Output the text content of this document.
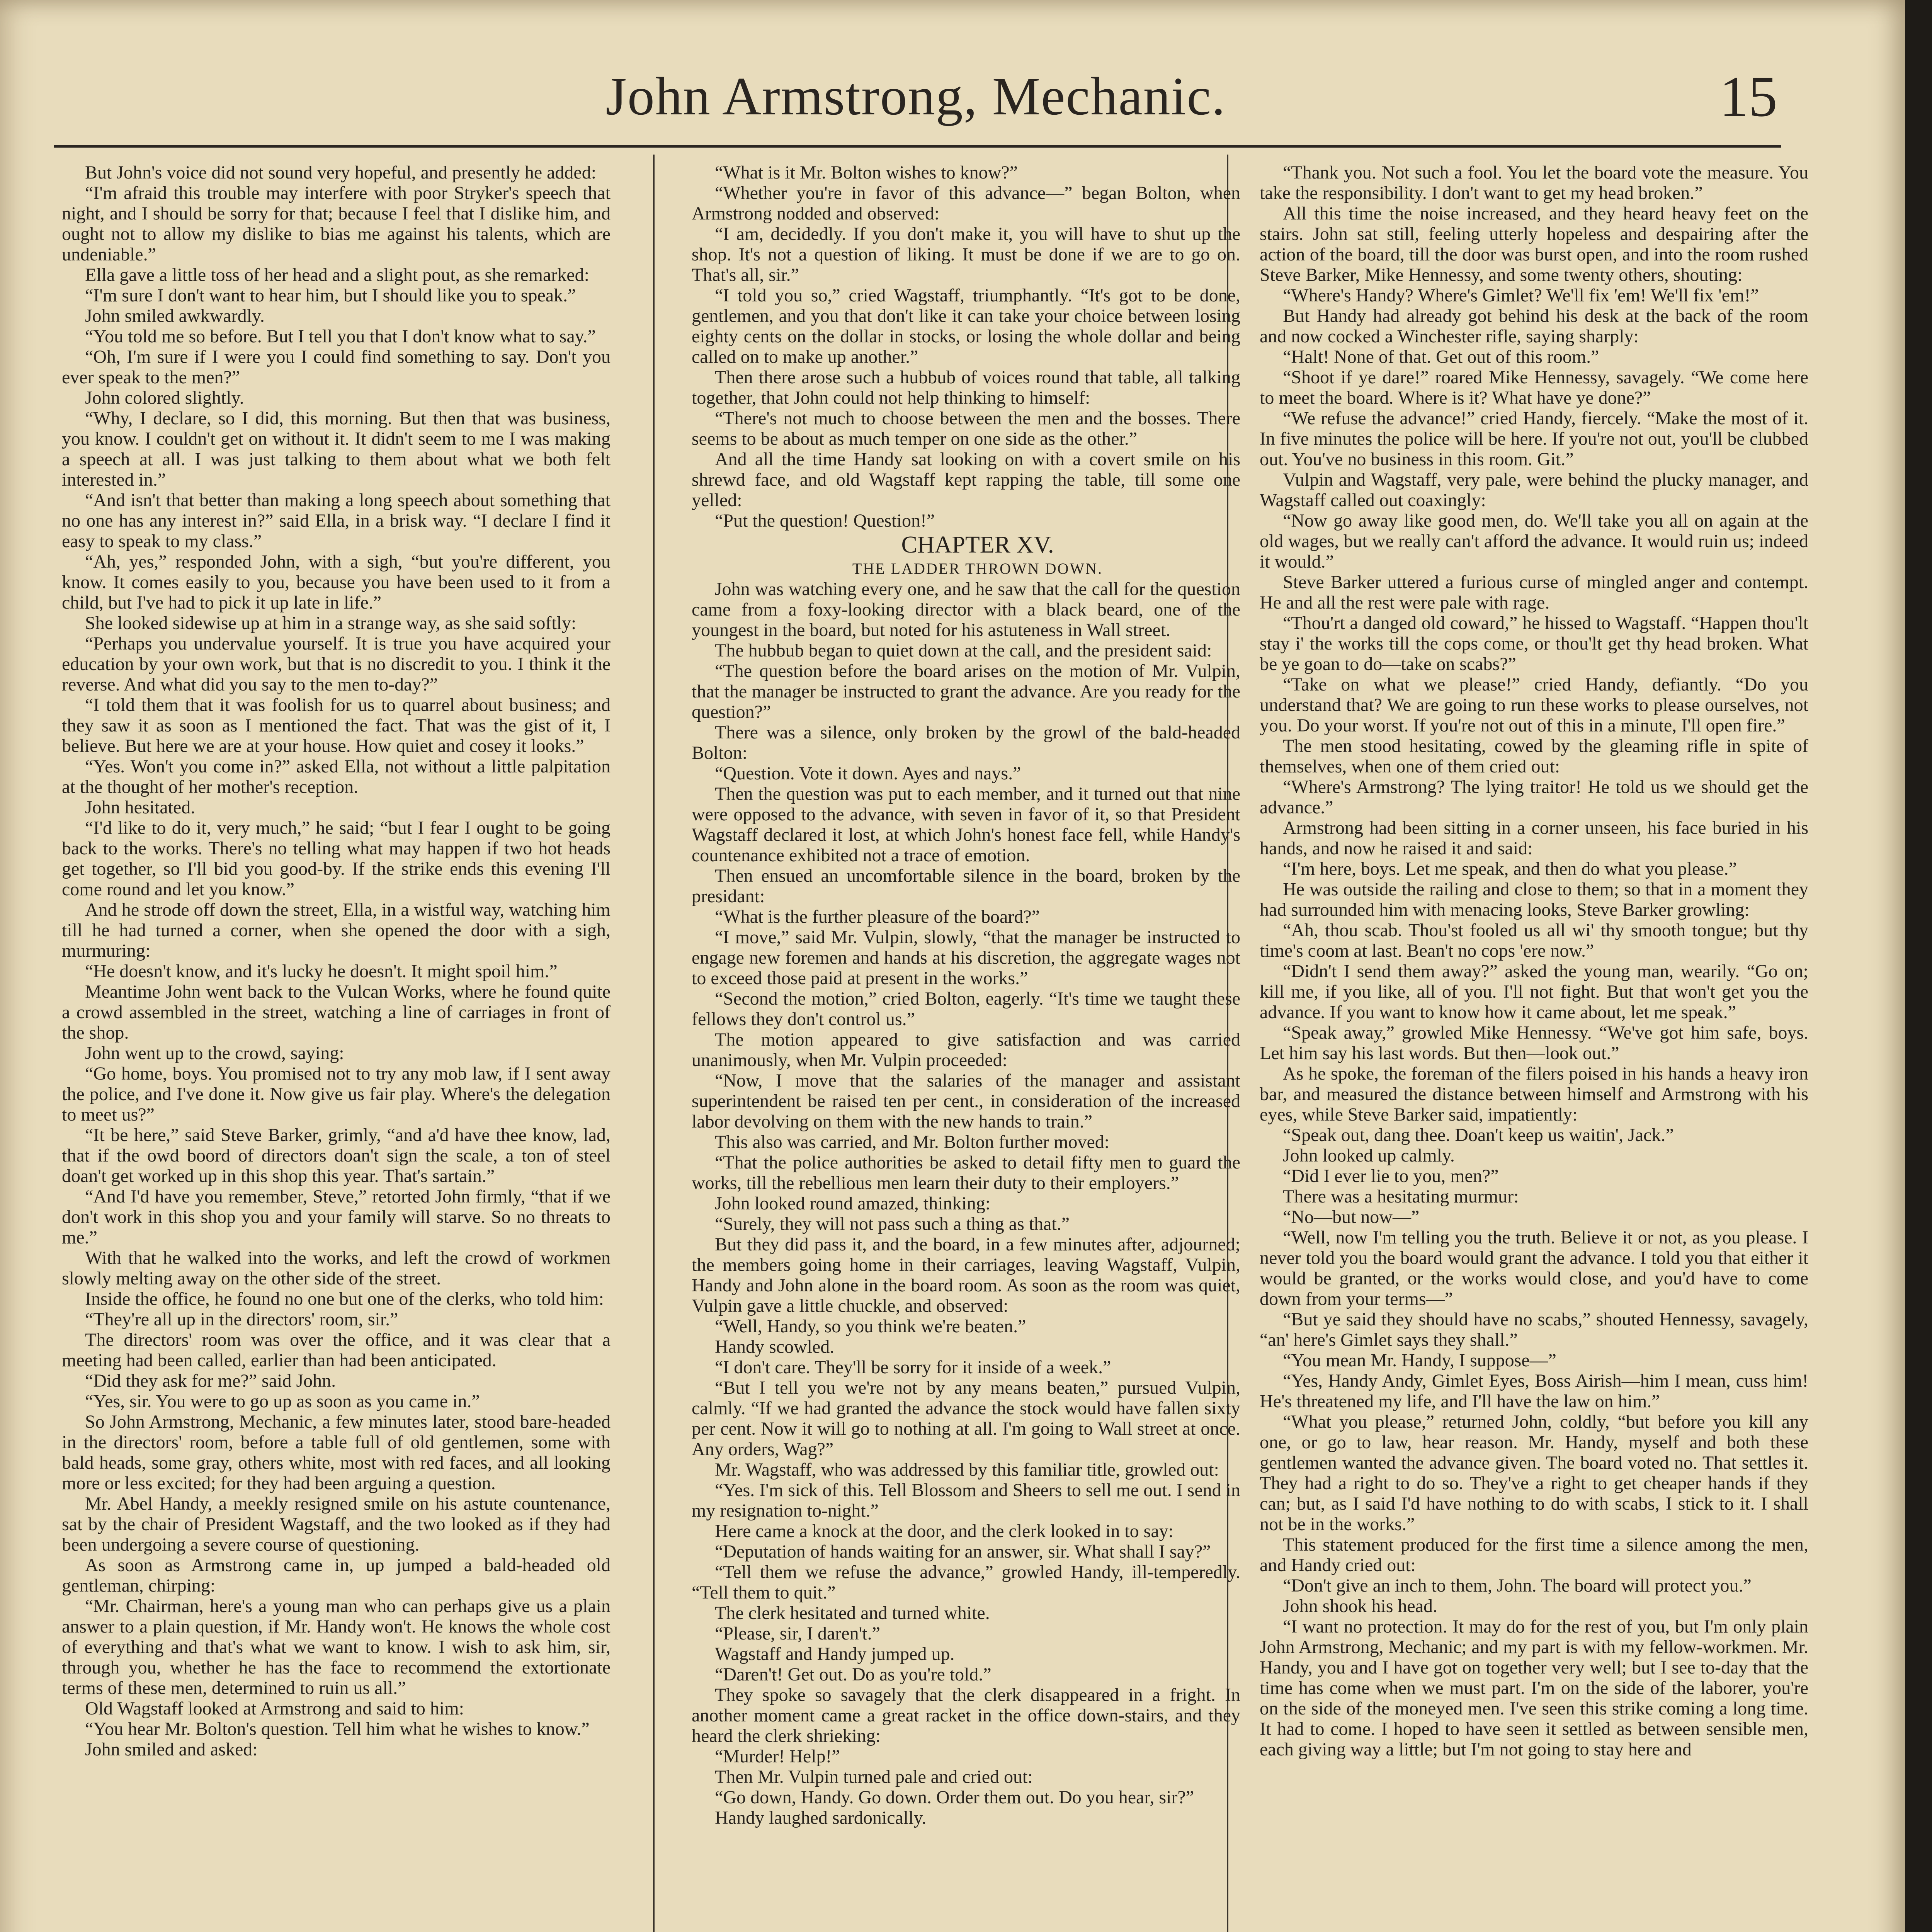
John Armstrong, Mechanic.	15

But John's voice did not sound very hopeful, and presently he added:

“I'm afraid this trouble may interfere with poor Stryker's speech that night, and I should be sorry for that; because I feel that I dislike him, and ought not to allow my dislike to bias me against his talents, which are undeniable.”

Ella gave a little toss of her head and a slight pout, as she remarked:

“I'm sure I don't want to hear him, but I should like you to speak.”

John smiled awkwardly.

“You told me so before. But I tell you that I don't know what to say.”

“Oh, I'm sure if I were you I could find something to say. Don't you ever speak to the men?”

John colored slightly.

“Why, I declare, so I did, this morning. But then that was business, you know. I couldn't get on without it. It didn't seem to me I was making a speech at all. I was just talking to them about what we both felt interested in.”

“And isn't that better than making a long speech about something that no one has any interest in?” said Ella, in a brisk way. “I declare I find it easy to speak to my class.”

“Ah, yes,” responded John, with a sigh, “but you're different, you know. It comes easily to you, because you have been used to it from a child, but I've had to pick it up late in life.”

She looked sidewise up at him in a strange way, as she said softly:

“Perhaps you undervalue yourself. It is true you have acquired your education by your own work, but that is no discredit to you. I think it the reverse. And what did you say to the men to-day?”

“I told them that it was foolish for us to quarrel about business; and they saw it as soon as I mentioned the fact. That was the gist of it, I believe. But here we are at your house. How quiet and cosey it looks.”

“Yes. Won't you come in?” asked Ella, not without a little palpitation at the thought of her mother's reception.

John hesitated.

“I'd like to do it, very much,” he said; “but I fear I ought to be going back to the works. There's no telling what may happen if two hot heads get together, so I'll bid you good-by. If the strike ends this evening I'll come round and let you know.”

And he strode off down the street, Ella, in a wistful way, watching him till he had turned a corner, when she opened the door with a sigh, murmuring:

“He doesn't know, and it's lucky he doesn't. It might spoil him.”

Meantime John went back to the Vulcan Works, where he found quite a crowd assembled in the street, watching a line of carriages in front of the shop.

John went up to the crowd, saying:

“Go home, boys. You promised not to try any mob law, if I sent away the police, and I've done it. Now give us fair play. Where's the delegation to meet us?”

“It be here,” said Steve Barker, grimly, “and a'd have thee know, lad, that if the owd boord of directors doan't sign the scale, a ton of steel doan't get worked up in this shop this year. That's sartain.”

“And I'd have you remember, Steve,” retorted John firmly, “that if we don't work in this shop you and your family will starve. So no threats to me.”

With that he walked into the works, and left the crowd of workmen slowly melting away on the other side of the street.

Inside the office, he found no one but one of the clerks, who told him:

“They're all up in the directors' room, sir.”

The directors' room was over the office, and it was clear that a meeting had been called, earlier than had been anticipated.

“Did they ask for me?” said John.

“Yes, sir. You were to go up as soon as you came in.”

So John Armstrong, Mechanic, a few minutes later, stood bare-headed in the directors' room, before a table full of old gentlemen, some with bald heads, some gray, others white, most with red faces, and all looking more or less excited; for they had been arguing a question.

Mr. Abel Handy, a meekly resigned smile on his astute countenance, sat by the chair of President Wagstaff, and the two looked as if they had been undergoing a severe course of questioning.

As soon as Armstrong came in, up jumped a bald-headed old gentleman, chirping:

“Mr. Chairman, here's a young man who can perhaps give us a plain answer to a plain question, if Mr. Handy won't. He knows the whole cost of everything and that's what we want to know. I wish to ask him, sir, through you, whether he has the face to recommend the extortionate terms of these men, determined to ruin us all.”

Old Wagstaff looked at Armstrong and said to him:

“You hear Mr. Bolton's question. Tell him what he wishes to know.”

John smiled and asked:

“What is it Mr. Bolton wishes to know?”

“Whether you're in favor of this advance—” began Bolton, when Armstrong nodded and observed:

“I am, decidedly. If you don't make it, you will have to shut up the shop. It's not a question of liking. It must be done if we are to go on. That's all, sir.”

“I told you so,” cried Wagstaff, triumphantly. “It's got to be done, gentlemen, and you that don't like it can take your choice between losing eighty cents on the dollar in stocks, or losing the whole dollar and being called on to make up another.”

Then there arose such a hubbub of voices round that table, all talking together, that John could not help thinking to himself:

“There's not much to choose between the men and the bosses. There seems to be about as much temper on one side as the other.”

And all the time Handy sat looking on with a covert smile on his shrewd face, and old Wagstaff kept rapping the table, till some one yelled:

“Put the question! Question!”

CHAPTER XV.

THE LADDER THROWN DOWN.

John was watching every one, and he saw that the call for the question came from a foxy-looking director with a black beard, one of the youngest in the board, but noted for his astuteness in Wall street.

The hubbub began to quiet down at the call, and the president said:

“The question before the board arises on the motion of Mr. Vulpin, that the manager be instructed to grant the advance. Are you ready for the question?”

There was a silence, only broken by the growl of the bald-headed Bolton:

“Question. Vote it down. Ayes and nays.”

Then the question was put to each member, and it turned out that nine were opposed to the advance, with seven in favor of it, so that President Wagstaff declared it lost, at which John's honest face fell, while Handy's countenance exhibited not a trace of emotion.

Then ensued an uncomfortable silence in the board, broken by the presidant:

“What is the further pleasure of the board?”

“I move,” said Mr. Vulpin, slowly, “that the manager be instructed to engage new foremen and hands at his discretion, the aggregate wages not to exceed those paid at present in the works.”

“Second the motion,” cried Bolton, eagerly. “It's time we taught these fellows they don't control us.”

The motion appeared to give satisfaction and was carried unanimously, when Mr. Vulpin proceeded:

“Now, I move that the salaries of the manager and assistant superintendent be raised ten per cent., in consideration of the increased labor devolving on them with the new hands to train.”

This also was carried, and Mr. Bolton further moved:

“That the police authorities be asked to detail fifty men to guard the works, till the rebellious men learn their duty to their employers.”

John looked round amazed, thinking:

“Surely, they will not pass such a thing as that.”

But they did pass it, and the board, in a few minutes after, adjourned; the members going home in their carriages, leaving Wagstaff, Vulpin, Handy and John alone in the board room. As soon as the room was quiet, Vulpin gave a little chuckle, and observed:

“Well, Handy, so you think we're beaten.”

Handy scowled.

“I don't care. They'll be sorry for it inside of a week.”

“But I tell you we're not by any means beaten,” pursued Vulpin, calmly. “If we had granted the advance the stock would have fallen sixty per cent. Now it will go to nothing at all. I'm going to Wall street at once. Any orders, Wag?”

Mr. Wagstaff, who was addressed by this familiar title, growled out:

“Yes. I'm sick of this. Tell Blossom and Sheers to sell me out. I send in my resignation to-night.”

Here came a knock at the door, and the clerk looked in to say:

“Deputation of hands waiting for an answer, sir. What shall I say?”

“Tell them we refuse the advance,” growled Handy, ill-temperedly. “Tell them to quit.”

The clerk hesitated and turned white.

“Please, sir, I daren't.”

Wagstaff and Handy jumped up.

“Daren't! Get out. Do as you're told.”

They spoke so savagely that the clerk disappeared in a fright. In another moment came a great racket in the office down-stairs, and they heard the clerk shrieking:

“Murder! Help!”

Then Mr. Vulpin turned pale and cried out:

“Go down, Handy. Go down. Order them out. Do you hear, sir?”

Handy laughed sardonically.

“Thank you. Not such a fool. You let the board vote the measure. You take the responsibility. I don't want to get my head broken.”

All this time the noise increased, and they heard heavy feet on the stairs. John sat still, feeling utterly hopeless and despairing after the action of the board, till the door was burst open, and into the room rushed Steve Barker, Mike Hennessy, and some twenty others, shouting:

“Where's Handy? Where's Gimlet? We'll fix 'em! We'll fix 'em!”

But Handy had already got behind his desk at the back of the room and now cocked a Winchester rifle, saying sharply:

“Halt! None of that. Get out of this room.”

“Shoot if ye dare!” roared Mike Hennessy, savagely. “We come here to meet the board. Where is it? What have ye done?”

“We refuse the advance!” cried Handy, fiercely. “Make the most of it. In five minutes the police will be here. If you're not out, you'll be clubbed out. You've no business in this room. Git.”

Vulpin and Wagstaff, very pale, were behind the plucky manager, and Wagstaff called out coaxingly:

“Now go away like good men, do. We'll take you all on again at the old wages, but we really can't afford the advance. It would ruin us; indeed it would.”

Steve Barker uttered a furious curse of mingled anger and contempt. He and all the rest were pale with rage.

“Thou'rt a danged old coward,” he hissed to Wagstaff. “Happen thou'lt stay i' the works till the cops come, or thou'lt get thy head broken. What be ye goan to do—take on scabs?”

“Take on what we please!” cried Handy, defiantly. “Do you understand that? We are going to run these works to please ourselves, not you. Do your worst. If you're not out of this in a minute, I'll open fire.”

The men stood hesitating, cowed by the gleaming rifle in spite of themselves, when one of them cried out:

“Where's Armstrong? The lying traitor! He told us we should get the advance.”

Armstrong had been sitting in a corner unseen, his face buried in his hands, and now he raised it and said:

“I'm here, boys. Let me speak, and then do what you please.”

He was outside the railing and close to them; so that in a moment they had surrounded him with menacing looks, Steve Barker growling:

“Ah, thou scab. Thou'st fooled us all wi' thy smooth tongue; but thy time's coom at last. Bean't no cops 'ere now.”

“Didn't I send them away?” asked the young man, wearily. “Go on; kill me, if you like, all of you. I'll not fight. But that won't get you the advance. If you want to know how it came about, let me speak.”

“Speak away,” growled Mike Hennessy. “We've got him safe, boys. Let him say his last words. But then—look out.”

As he spoke, the foreman of the filers poised in his hands a heavy iron bar, and measured the distance between himself and Armstrong with his eyes, while Steve Barker said, impatiently:

“Speak out, dang thee. Doan't keep us waitin', Jack.”

John looked up calmly.

“Did I ever lie to you, men?”

There was a hesitating murmur:

“No—but now—”

“Well, now I'm telling you the truth. Believe it or not, as you please. I never told you the board would grant the advance. I told you that either it would be granted, or the works would close, and you'd have to come down from your terms—”

“But ye said they should have no scabs,” shouted Hennessy, savagely, “an' here's Gimlet says they shall.”

“You mean Mr. Handy, I suppose—”

“Yes, Handy Andy, Gimlet Eyes, Boss Airish—him I mean, cuss him! He's threatened my life, and I'll have the law on him.”

“What you please,” returned John, coldly, “but before you kill any one, or go to law, hear reason. Mr. Handy, myself and both these gentlemen wanted the advance given. The board voted no. That settles it. They had a right to do so. They've a right to get cheaper hands if they can; but, as I said I'd have nothing to do with scabs, I stick to it. I shall not be in the works.”

This statement produced for the first time a silence among the men, and Handy cried out:

“Don't give an inch to them, John. The board will protect you.”

John shook his head.

“I want no protection. It may do for the rest of you, but I'm only plain John Armstrong, Mechanic; and my part is with my fellow-workmen. Mr. Handy, you and I have got on together very well; but I see to-day that the time has come when we must part. I'm on the side of the laborer, you're on the side of the moneyed men. I've seen this strike coming a long time. It had to come. I hoped to have seen it settled as between sensible men, each giving way a little; but I'm not going to stay here and
